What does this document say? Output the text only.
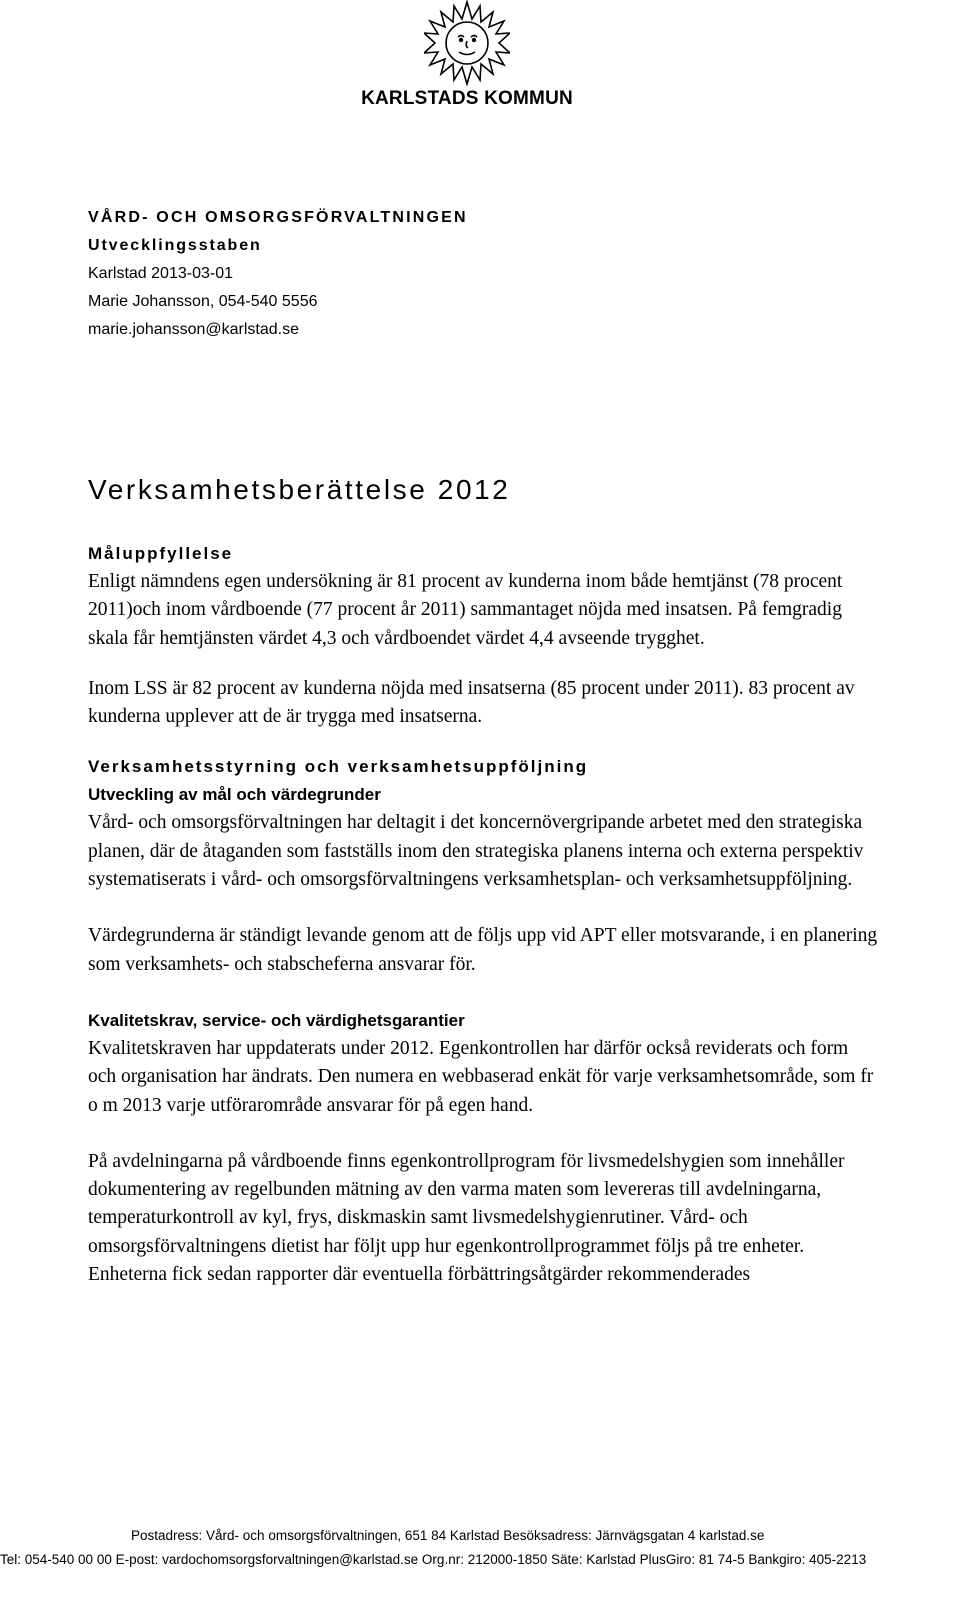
KARLSTADS KOMMUN
VÅRD- OCH OMSORGSFÖRVALTNINGEN
Utvecklingsstaben
Karlstad 2013-03-01
Marie Johansson, 054-540 5556
marie.johansson@karlstad.se
Verksamhetsberättelse 2012
Måluppfyllelse

Enligt nämndens egen undersökning är 81 procent av kunderna inom både hemtjänst (78 procent 2011)och inom vårdboende (77 procent år 2011) sammantaget nöjda med insatsen. På femgradig skala får hemtjänsten värdet 4,3 och vårdboendet värdet 4,4 avseende trygghet.

Inom LSS är 82 procent av kunderna nöjda med insatserna (85 procent under 2011). 83 procent av kunderna upplever att de är trygga med insatserna.

Verksamhetsstyrning och verksamhetsuppföljning
Utveckling av mål och värdegrunder

Vård- och omsorgsförvaltningen har deltagit i det koncernövergripande arbetet med den strategiska planen, där de åtaganden som fastställs inom den strategiska planens interna och externa perspektiv systematiserats i vård- och omsorgsförvaltningens verksamhetsplan- och verksamhetsuppföljning.

Värdegrunderna är ständigt levande genom att de följs upp vid APT eller motsvarande, i en planering som verksamhets- och stabscheferna ansvarar för.

Kvalitetskrav, service- och värdighetsgarantier

Kvalitetskraven har uppdaterats under 2012. Egenkontrollen har därför också reviderats och form och organisation har ändrats. Den numera en webbaserad enkät för varje verksamhetsområde, som fr o m 2013 varje utförarområde ansvarar för på egen hand.

På avdelningarna på vårdboende finns egenkontrollprogram för livsmedelshygien som innehåller dokumentering av regelbunden mätning av den varma maten som levereras till avdelningarna, temperaturkontroll av kyl, frys, diskmaskin samt livsmedelshygienrutiner. Vård- och omsorgsförvaltningens dietist har följt upp hur egenkontrollprogrammet följs på tre enheter. Enheterna fick sedan rapporter där eventuella förbättringsåtgärder rekommenderades

Postadress: Vård- och omsorgsförvaltningen, 651 84 Karlstad Besöksadress: Järnvägsgatan 4 karlstad.se
Tel: 054-540 00 00 E-post: vardochomsorgsforvaltningen@karlstad.se Org.nr: 212000-1850 Säte: Karlstad PlusGiro: 81 74-5 Bankgiro: 405-2213
